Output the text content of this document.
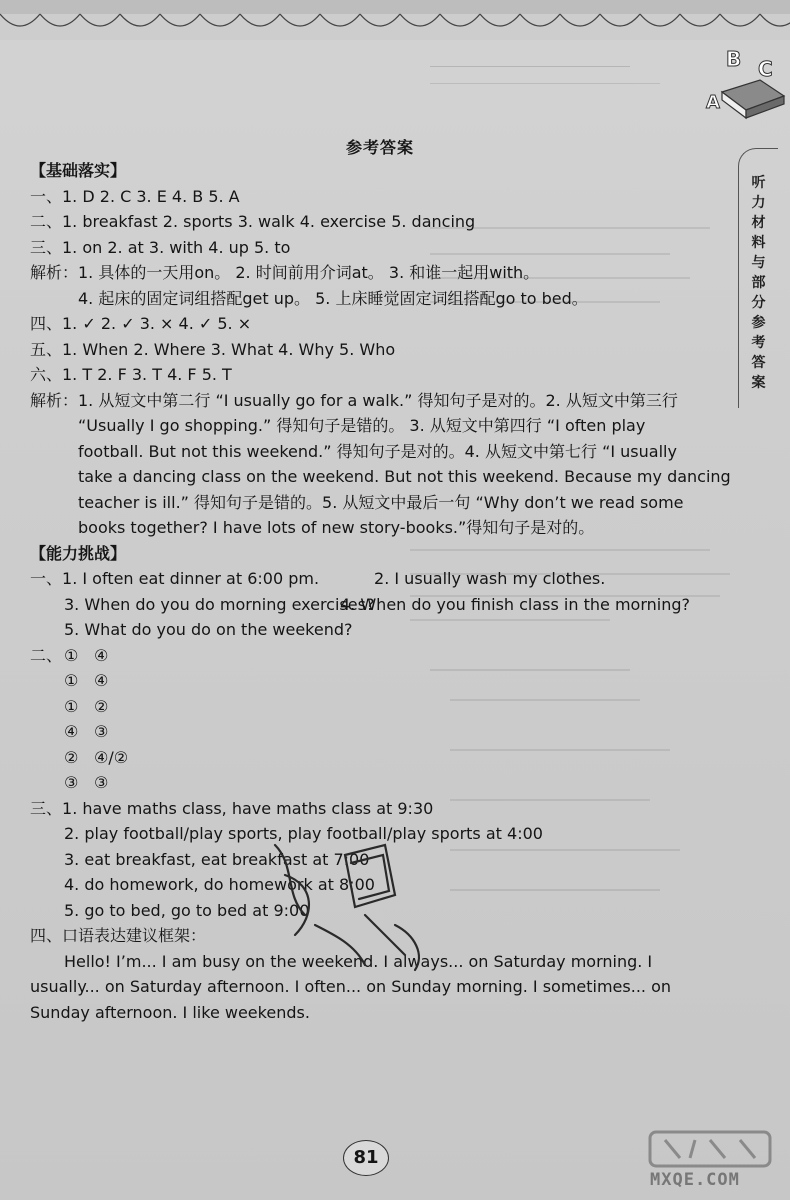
B C
A
听
力
材
料
与
部
分
参
考
答
案
参考答案

【基础落实】

一、1. D 2. C 3. E 4. B 5. A

二、1. breakfast 2. sports 3. walk 4. exercise 5. dancing

三、1. on 2. at 3. with 4. up 5. to

解析：1. 具体的一天用on。 2. 时间前用介词at。 3. 和谁一起用with。

4. 起床的固定词组搭配get up。 5. 上床睡觉固定词组搭配go to bed。

四、1. ✓ 2. ✓ 3. × 4. ✓ 5. ×

五、1. When 2. Where 3. What 4. Why 5. Who

六、1. T 2. F 3. T 4. F 5. T

解析：1. 从短文中第二行 “I usually go for a walk.” 得知句子是对的。2. 从短文中第三行

“Usually I go shopping.” 得知句子是错的。 3. 从短文中第四行 “I often play

football. But not this weekend.” 得知句子是对的。4. 从短文中第七行 “I usually

take a dancing class on the weekend. But not this weekend. Because my dancing

teacher is ill.” 得知句子是错的。5. 从短文中最后一句 “Why don’t we read some

books together? I have lots of new story-books.”得知句子是对的。

【能力挑战】

一、1. I often eat dinner at 6:00 pm.	2. I usually wash my clothes.

3. When do you do morning exercises?4. When do you finish class in the morning?

5. What do you do on the weekend?

二、 ① ④

① ④

① ②

④ ③

② ④/②

③ ③

三、1. have maths class, have maths class at 9:30

2. play football/play sports, play football/play sports at 4:00

3. eat breakfast, eat breakfast at 7:00

4. do homework, do homework at 8:00

5. go to bed, go to bed at 9:00

四、口语表达建议框架：

Hello! I’m... I am busy on the weekend. I always... on Saturday morning. I

usually... on Saturday afternoon. I often... on Sunday morning. I sometimes... on

Sunday afternoon. I like weekends.

81
MXQE.COM
